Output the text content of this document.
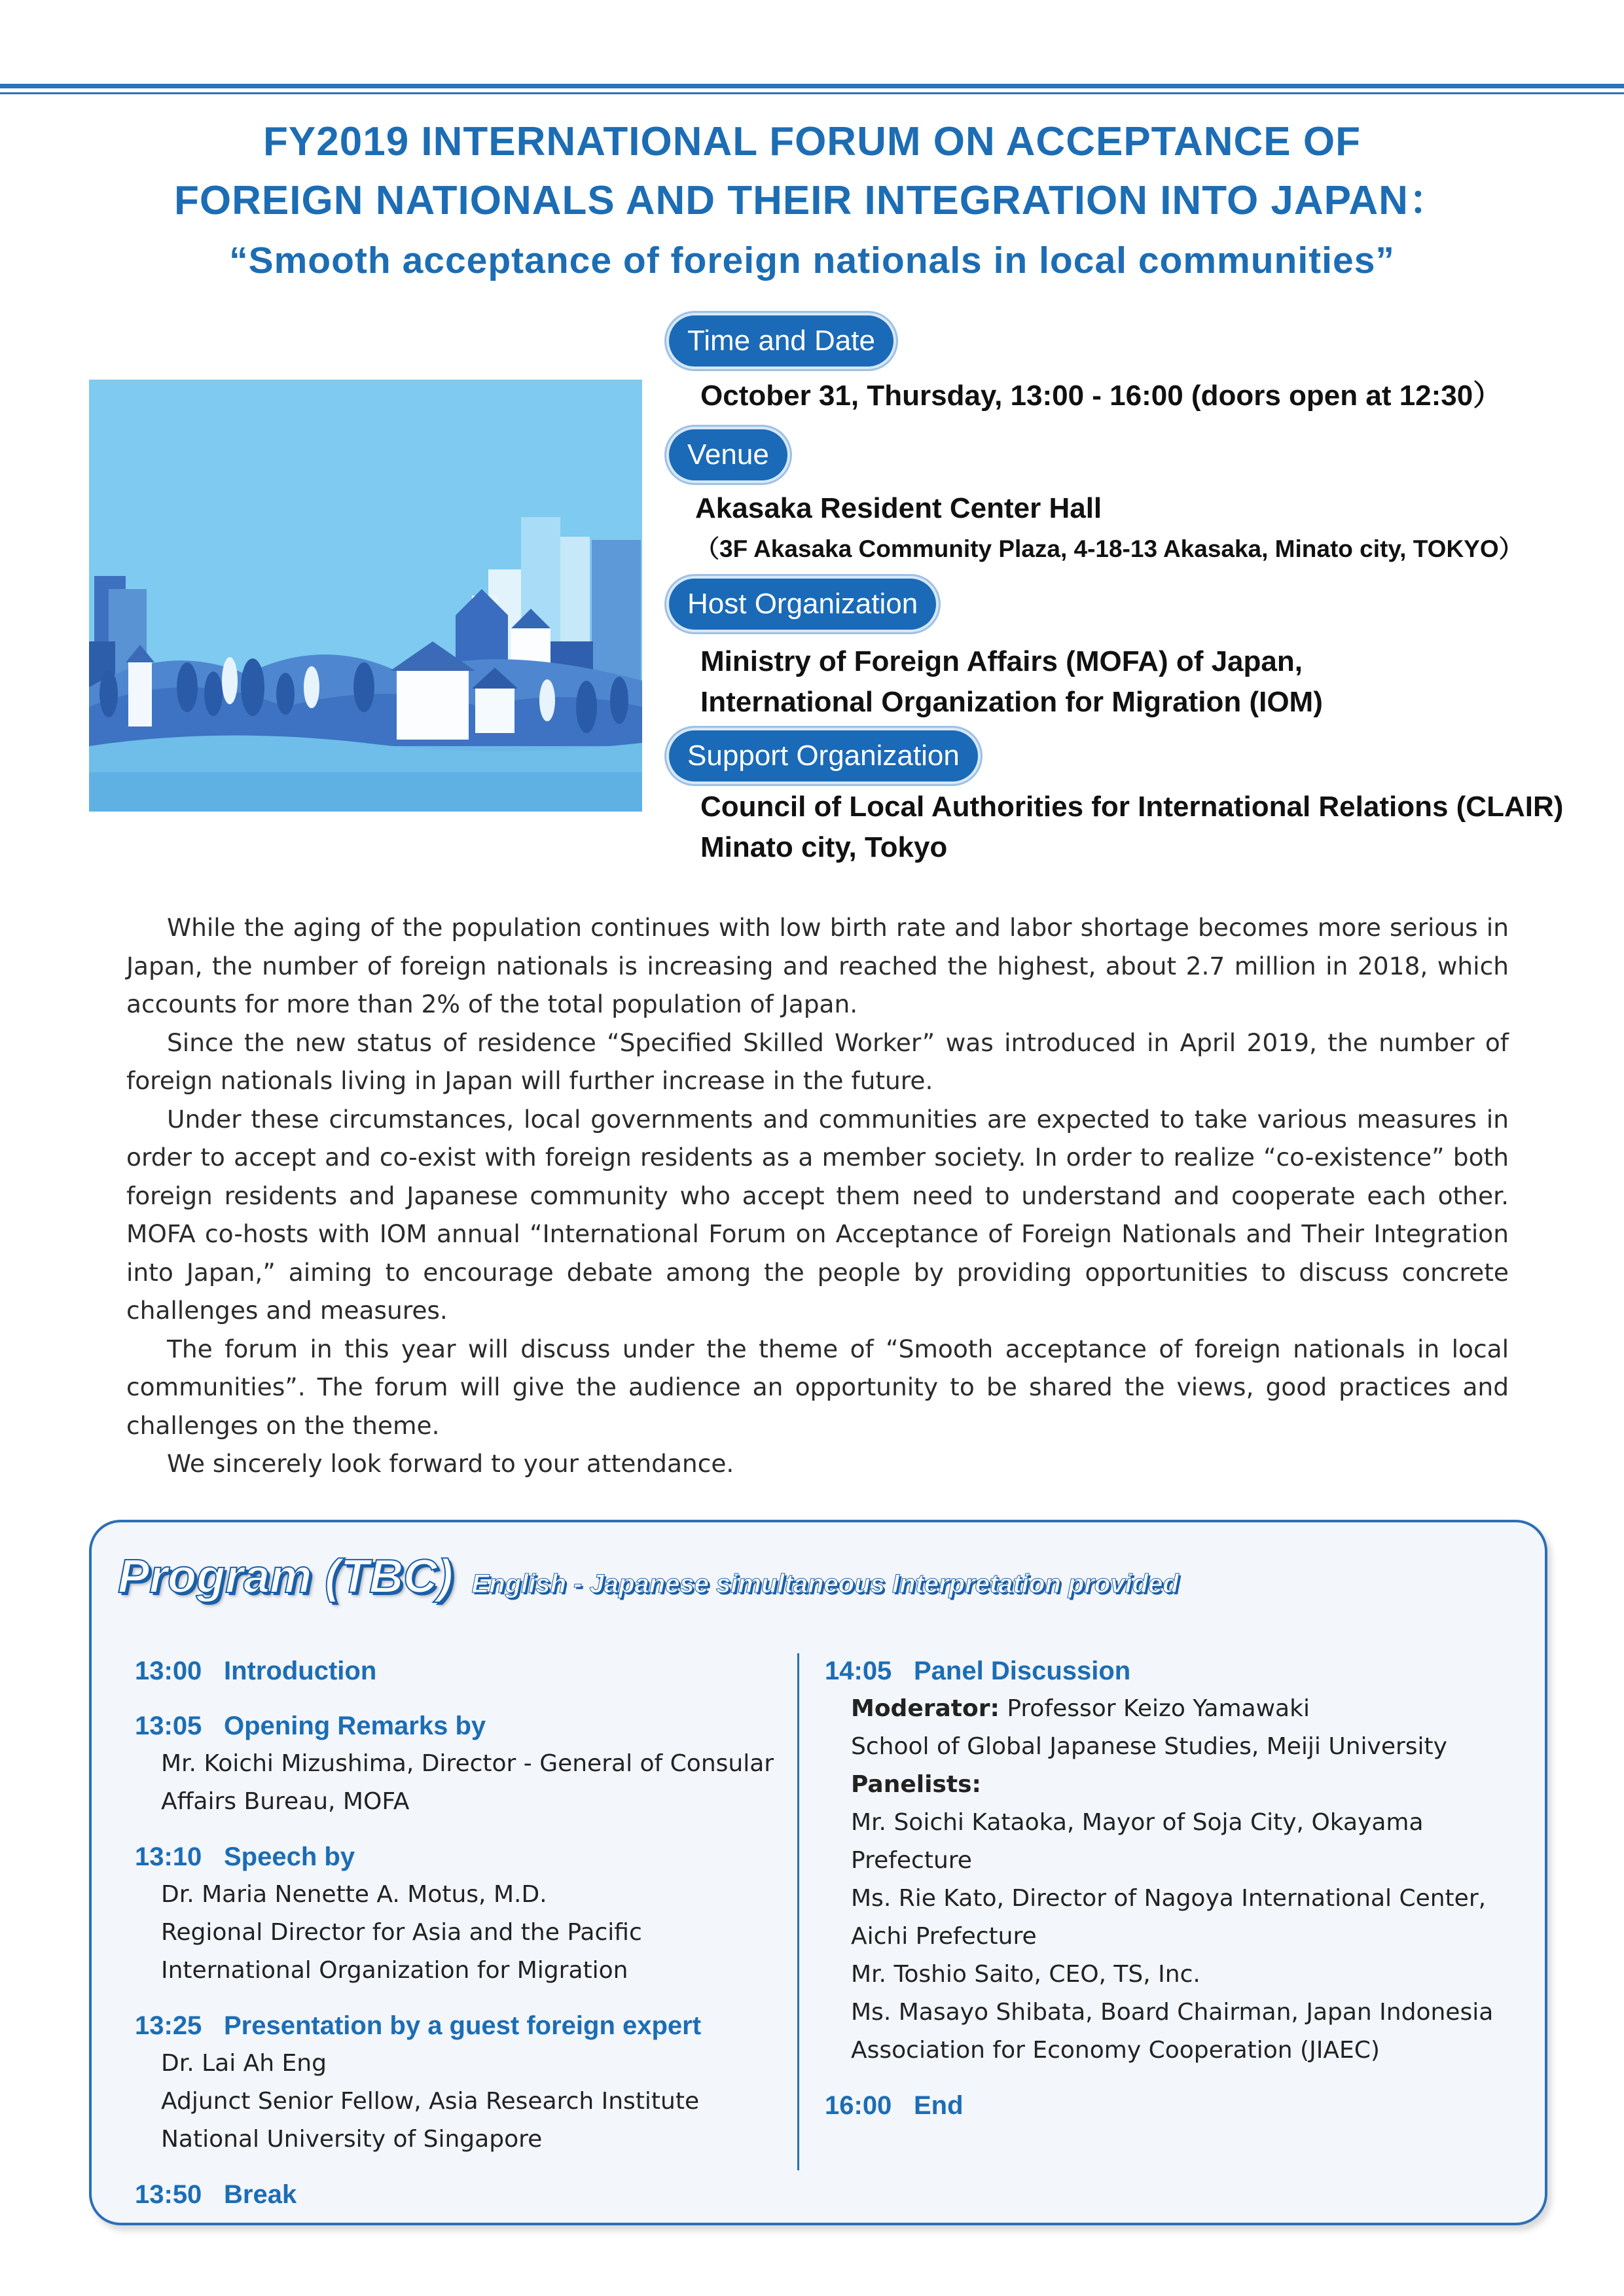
FY2019 INTERNATIONAL FORUM ON ACCEPTANCE OF
FOREIGN NATIONALS AND THEIR INTEGRATION INTO JAPAN：
“Smooth acceptance of foreign nationals in local communities”
Time and Date
October 31, Thursday, 13:00 - 16:00 (doors open at 12:30）
Venue
Akasaka Resident Center Hall
（3F Akasaka Community Plaza, 4-18-13 Akasaka, Minato city, TOKYO）
Host Organization
Ministry of Foreign Affairs (MOFA) of Japan,
International Organization for Migration (IOM)
Support Organization
Council of Local Authorities for International Relations (CLAIR)
Minato city, Tokyo

While the aging of the population continues with low birth rate and labor shortage becomes more serious in Japan, the number of foreign nationals is increasing and reached the highest, about 2.7 million in 2018, which accounts for more than 2% of the total population of Japan.

Since the new status of residence “Specified Skilled Worker” was introduced in April 2019, the number of foreign nationals living in Japan will further increase in the future.

Under these circumstances, local governments and communities are expected to take various measures in order to accept and co-exist with foreign residents as a member society. In order to realize “co-existence” both foreign residents and Japanese community who accept them need to understand and cooperate each other. MOFA co-hosts with IOM annual “International Forum on Acceptance of Foreign Nationals and Their Integration into Japan,” aiming to encourage debate among the people by providing opportunities to discuss concrete challenges and measures.

The forum in this year will discuss under the theme of “Smooth acceptance of foreign nationals in local communities”. The forum will give the audience an opportunity to be shared the views, good practices and challenges on the theme.

We sincerely look forward to your attendance.

Program (TBC) English - Japanese simultaneous Interpretation provided
13:00 Introduction
13:05 Opening Remarks by
Mr. Koichi Mizushima, Director - General of Consular
Affairs Bureau, MOFA
13:10 Speech by
Dr. Maria Nenette A. Motus, M.D.
Regional Director for Asia and the Pacific
International Organization for Migration
13:25 Presentation by a guest foreign expert
Dr. Lai Ah Eng
Adjunct Senior Fellow, Asia Research Institute
National University of Singapore
13:50 Break
14:05 Panel Discussion
Moderator: Professor Keizo Yamawaki
School of Global Japanese Studies, Meiji University
Panelists:
Mr. Soichi Kataoka, Mayor of Soja City, Okayama
Prefecture
Ms. Rie Kato, Director of Nagoya International Center,
Aichi Prefecture
Mr. Toshio Saito, CEO, TS, Inc.
Ms. Masayo Shibata, Board Chairman, Japan Indonesia
Association for Economy Cooperation (JIAEC)
16:00 End
